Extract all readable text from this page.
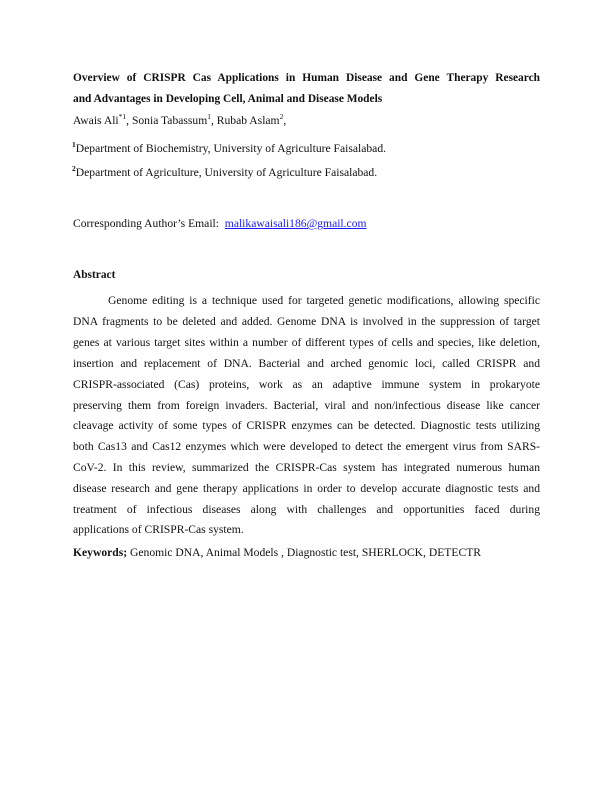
Overview of CRISPR Cas Applications in Human Disease and Gene Therapy Research
and Advantages in Developing Cell, Animal and Disease Models
Awais Ali$^{*1}$, Sonia Tabassum$^1$, Rubab Aslam$^2$,
$^1$Department of Biochemistry, University of Agriculture Faisalabad.
$^2$Department of Agriculture, University of Agriculture Faisalabad.
Corresponding Author’s Email: malikawaisali186@gmail.com
Abstract
Genome editing is a technique used for targeted genetic modifications, allowing specific
DNA fragments to be deleted and added. Genome DNA is involved in the suppression of target
genes at various target sites within a number of different types of cells and species, like deletion,
insertion and replacement of DNA. Bacterial and arched genomic loci, called CRISPR and
CRISPR-associated (Cas) proteins, work as an adaptive immune system in prokaryote
preserving them from foreign invaders. Bacterial, viral and non/infectious disease like cancer
cleavage activity of some types of CRISPR enzymes can be detected. Diagnostic tests utilizing
both Cas13 and Cas12 enzymes which were developed to detect the emergent virus from SARS-
CoV-2. In this review, summarized the CRISPR-Cas system has integrated numerous human
disease research and gene therapy applications in order to develop accurate diagnostic tests and
treatment of infectious diseases along with challenges and opportunities faced during
applications of CRISPR-Cas system.
Keywords; Genomic DNA, Animal Models , Diagnostic test, SHERLOCK, DETECTR
